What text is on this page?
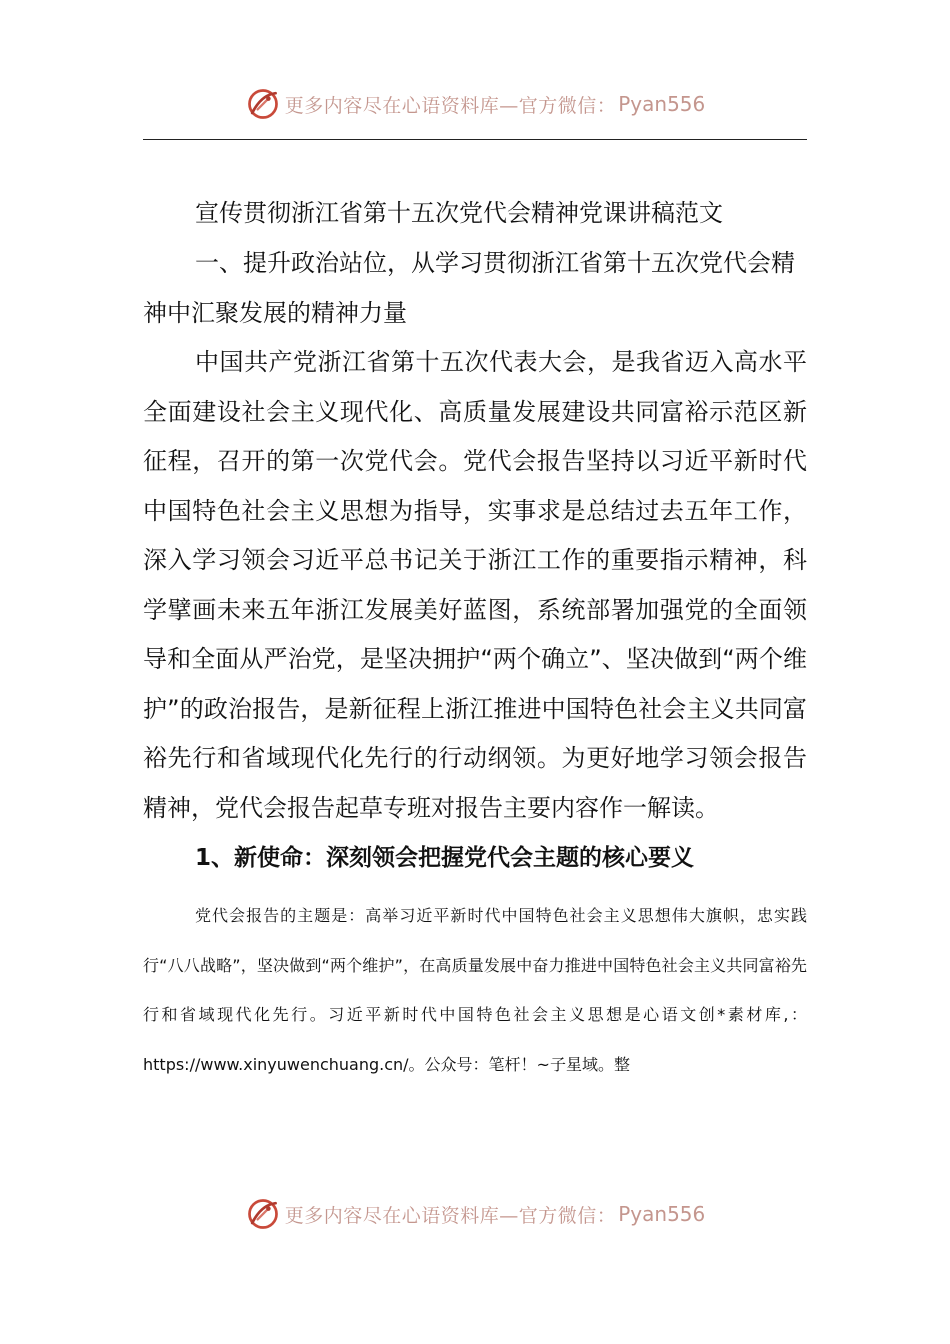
更多内容尽在心语资料库—官方微信： Pyan556
宣传贯彻浙江省第十五次党代会精神党课讲稿范文
一、提升政治站位，从学习贯彻浙江省第十五次党代会精神中汇聚发展的精神力量

中国共产党浙江省第十五次代表大会，是我省迈入高水平全面建设社会主义现代化、高质量发展建设共同富裕示范区新征程，召开的第一次党代会。党代会报告坚持以习近平新时代中国特色社会主义思想为指导，实事求是总结过去五年工作，深入学习领会习近平总书记关于浙江工作的重要指示精神，科学擘画未来五年浙江发展美好蓝图，系统部署加强党的全面领导和全面从严治党，是坚决拥护“两个确立”、坚决做到“两个维护”的政治报告，是新征程上浙江推进中国特色社会主义共同富裕先行和省域现代化先行的行动纲领。为更好地学习领会报告精神，党代会报告起草专班对报告主要内容作一解读。

1、新使命：深刻领会把握党代会主题的核心要义

党代会报告的主题是：高举习近平新时代中国特色社会主义思想伟大旗帜，忠实践行“八八战略”，坚决做到“两个维护”，在高质量发展中奋力推进中国特色社会主义共同富裕先行和省域现代化先行。习近平新时代中国特色社会主义思想是心语文创*素材库,：https://www.xinyuwenchuang.cn/。公众号：笔杆！~子星域。整

更多内容尽在心语资料库—官方微信： Pyan556
